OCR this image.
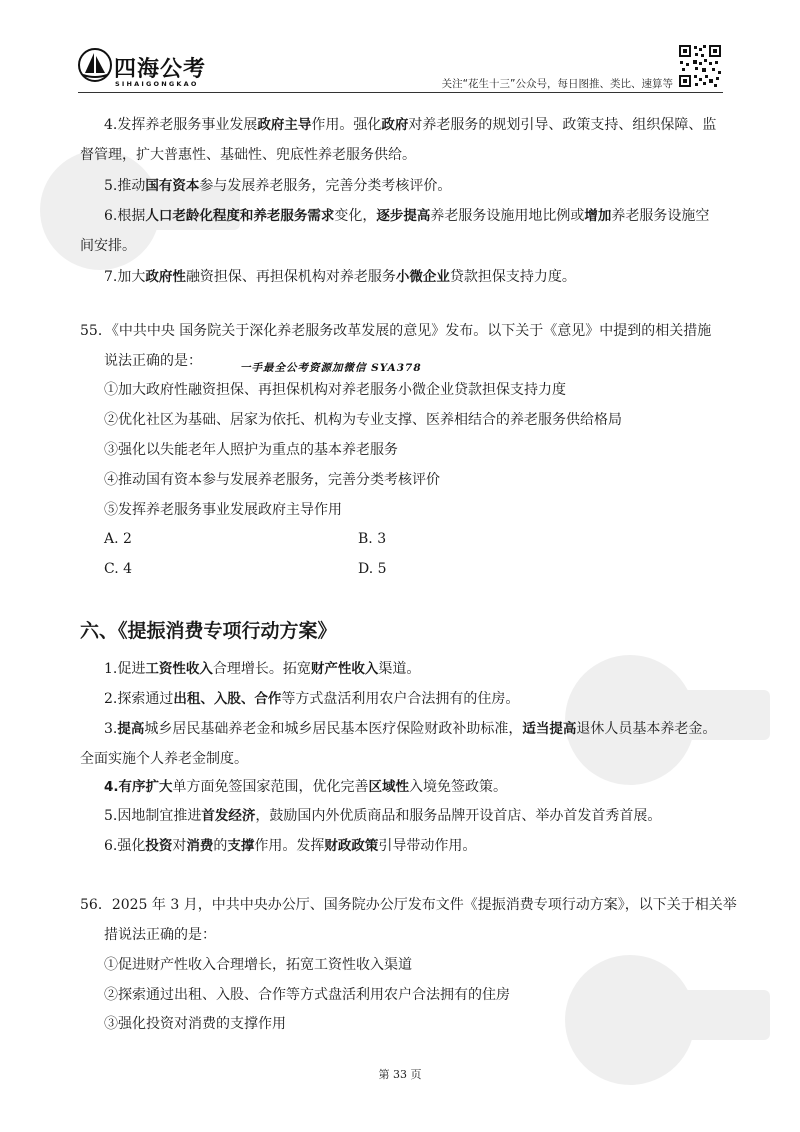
四海公考
SIHAIGONGKAO	关注“花生十三”公众号，每日图推、类比、速算等
4.发挥养老服务事业发展政府主导作用。强化政府对养老服务的规划引导、政策支持、组织保障、监
督管理，扩大普惠性、基础性、兜底性养老服务供给。
5.推动国有资本参与发展养老服务，完善分类考核评价。
6.根据人口老龄化程度和养老服务需求变化，逐步提高养老服务设施用地比例或增加养老服务设施空
间安排。
7.加大政府性融资担保、再担保机构对养老服务小微企业贷款担保支持力度。
55．《中共中央 国务院关于深化养老服务改革发展的意见》发布。以下关于《意见》中提到的相关措施
说法正确的是：	一手最全公考资源加微信 SYA378
①加大政府性融资担保、再担保机构对养老服务小微企业贷款担保支持力度
②优化社区为基础、居家为依托、机构为专业支撑、医养相结合的养老服务供给格局
③强化以失能老年人照护为重点的基本养老服务
④推动国有资本参与发展养老服务，完善分类考核评价
⑤发挥养老服务事业发展政府主导作用
A. 2	B. 3
C. 4	D. 5
六、《提振消费专项行动方案》
1.促进工资性收入合理增长。拓宽财产性收入渠道。
2.探索通过出租、入股、合作等方式盘活利用农户合法拥有的住房。
3.提高城乡居民基础养老金和城乡居民基本医疗保险财政补助标准，适当提高退休人员基本养老金。
全面实施个人养老金制度。
4.有序扩大单方面免签国家范围，优化完善区域性入境免签政策。
5.因地制宜推进首发经济，鼓励国内外优质商品和服务品牌开设首店、举办首发首秀首展。
6.强化投资对消费的支撑作用。发挥财政政策引导带动作用。
56．2025 年 3 月，中共中央办公厅、国务院办公厅发布文件《提振消费专项行动方案》，以下关于相关举
措说法正确的是：
①促进财产性收入合理增长，拓宽工资性收入渠道
②探索通过出租、入股、合作等方式盘活利用农户合法拥有的住房
③强化投资对消费的支撑作用
第 33 页
